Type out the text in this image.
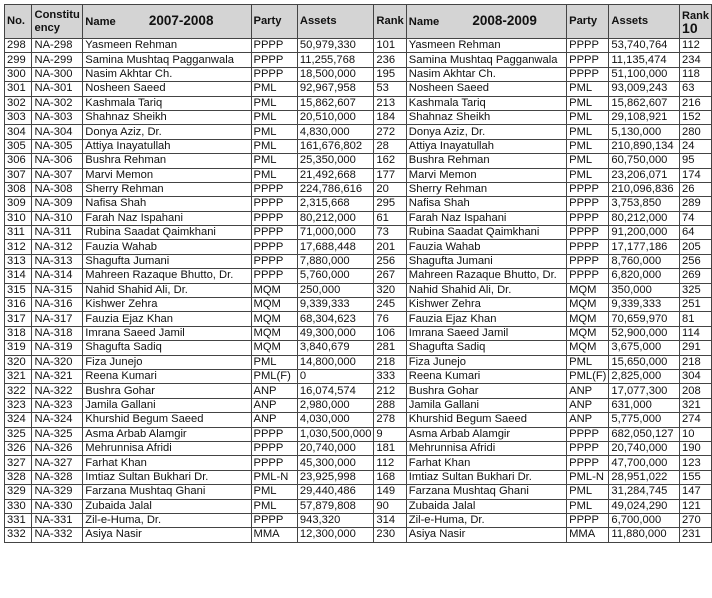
No.	Constitu ency	Name 2007-2008	Party	Assets	Rank	Name 2008-2009	Party	Assets	Rank
10

298	NA-298	Yasmeen Rehman	PPPP	50,979,330	101	Yasmeen Rehman	PPPP	53,740,764	112
299	NA-299	Samina Mushtaq Pagganwala	PPPP	11,255,768	236	Samina Mushtaq Pagganwala	PPPP	11,135,474	234
300	NA-300	Nasim Akhtar Ch.	PPPP	18,500,000	195	Nasim Akhtar Ch.	PPPP	51,100,000	118
301	NA-301	Nosheen Saeed	PML	92,967,958	53	Nosheen Saeed	PML	93,009,243	63
302	NA-302	Kashmala Tariq	PML	15,862,607	213	Kashmala Tariq	PML	15,862,607	216
303	NA-303	Shahnaz Sheikh	PML	20,510,000	184	Shahnaz Sheikh	PML	29,108,921	152
304	NA-304	Donya Aziz, Dr.	PML	4,830,000	272	Donya Aziz, Dr.	PML	5,130,000	280
305	NA-305	Attiya Inayatullah	PML	161,676,802	28	Attiya Inayatullah	PML	210,890,134	24
306	NA-306	Bushra Rehman	PML	25,350,000	162	Bushra Rehman	PML	60,750,000	95
307	NA-307	Marvi Memon	PML	21,492,668	177	Marvi Memon	PML	23,206,071	174
308	NA-308	Sherry Rehman	PPPP	224,786,616	20	Sherry Rehman	PPPP	210,096,836	26
309	NA-309	Nafisa Shah	PPPP	2,315,668	295	Nafisa Shah	PPPP	3,753,850	289
310	NA-310	Farah Naz Ispahani	PPPP	80,212,000	61	Farah Naz Ispahani	PPPP	80,212,000	74
311	NA-311	Rubina Saadat Qaimkhani	PPPP	71,000,000	73	Rubina Saadat Qaimkhani	PPPP	91,200,000	64
312	NA-312	Fauzia Wahab	PPPP	17,688,448	201	Fauzia Wahab	PPPP	17,177,186	205
313	NA-313	Shagufta Jumani	PPPP	7,880,000	256	Shagufta Jumani	PPPP	8,760,000	256
314	NA-314	Mahreen Razaque Bhutto, Dr.	PPPP	5,760,000	267	Mahreen Razaque Bhutto, Dr.	PPPP	6,820,000	269
315	NA-315	Nahid Shahid Ali, Dr.	MQM	250,000	320	Nahid Shahid Ali, Dr.	MQM	350,000	325
316	NA-316	Kishwer Zehra	MQM	9,339,333	245	Kishwer Zehra	MQM	9,339,333	251
317	NA-317	Fauzia Ejaz Khan	MQM	68,304,623	76	Fauzia Ejaz Khan	MQM	70,659,970	81
318	NA-318	Imrana Saeed Jamil	MQM	49,300,000	106	Imrana Saeed Jamil	MQM	52,900,000	114
319	NA-319	Shagufta Sadiq	MQM	3,840,679	281	Shagufta Sadiq	MQM	3,675,000	291
320	NA-320	Fiza Junejo	PML	14,800,000	218	Fiza Junejo	PML	15,650,000	218
321	NA-321	Reena Kumari	PML(F)	0	333	Reena Kumari	PML(F)	2,825,000	304
322	NA-322	Bushra Gohar	ANP	16,074,574	212	Bushra Gohar	ANP	17,077,300	208
323	NA-323	Jamila Gallani	ANP	2,980,000	288	Jamila Gallani	ANP	631,000	321
324	NA-324	Khurshid Begum Saeed	ANP	4,030,000	278	Khurshid Begum Saeed	ANP	5,775,000	274
325	NA-325	Asma Arbab Alamgir	PPPP	1,030,500,000	9	Asma Arbab Alamgir	PPPP	682,050,127	10
326	NA-326	Mehrunnisa Afridi	PPPP	20,740,000	181	Mehrunnisa Afridi	PPPP	20,740,000	190
327	NA-327	Farhat Khan	PPPP	45,300,000	112	Farhat Khan	PPPP	47,700,000	123
328	NA-328	Imtiaz Sultan Bukhari Dr.	PML-N	23,925,998	168	Imtiaz Sultan Bukhari Dr.	PML-N	28,951,022	155
329	NA-329	Farzana Mushtaq Ghani	PML	29,440,486	149	Farzana Mushtaq Ghani	PML	31,284,745	147
330	NA-330	Zubaida Jalal	PML	57,879,808	90	Zubaida Jalal	PML	49,024,290	121
331	NA-331	Zil-e-Huma, Dr.	PPPP	943,320	314	Zil-e-Huma, Dr.	PPPP	6,700,000	270
332	NA-332	Asiya Nasir	MMA	12,300,000	230	Asiya Nasir	MMA	11,880,000	231
